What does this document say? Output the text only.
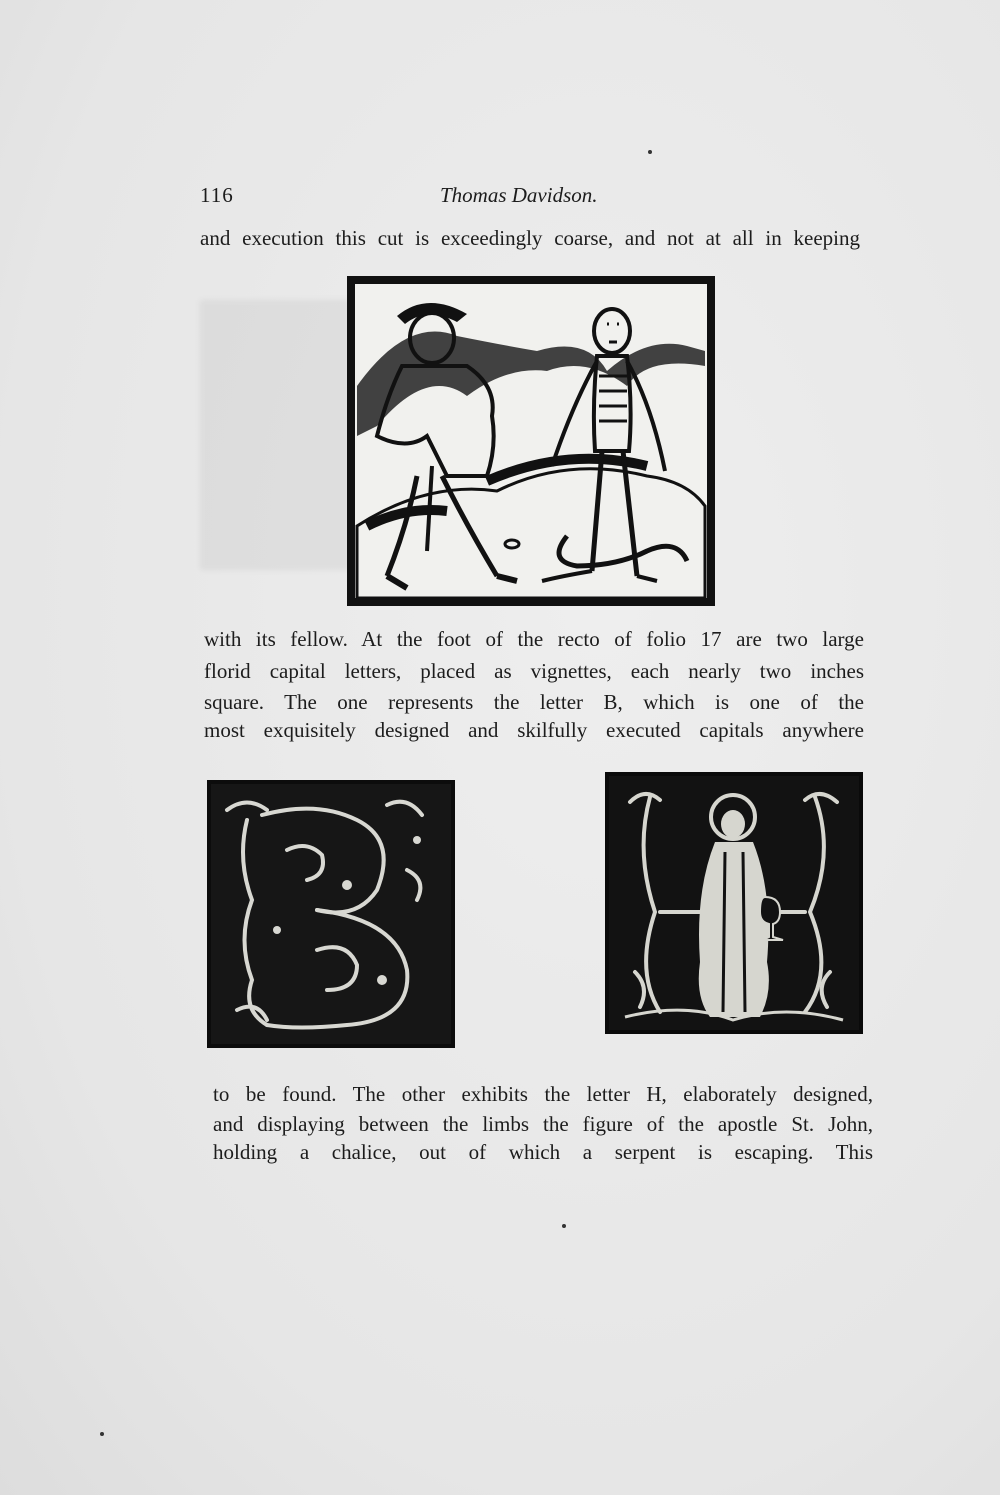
116	Thomas Davidson.
and execution this cut is exceedingly coarse, and not at all in keeping
with its fellow. At the foot of the recto of folio 17 are two large
florid capital letters, placed as vignettes, each nearly two inches
square. The one represents the letter B, which is one of the
most exquisitely designed and skilfully executed capitals anywhere
to be found. The other exhibits the letter H, elaborately designed,
and displaying between the limbs the figure of the apostle St. John,
holding a chalice, out of which a serpent is escaping. This
